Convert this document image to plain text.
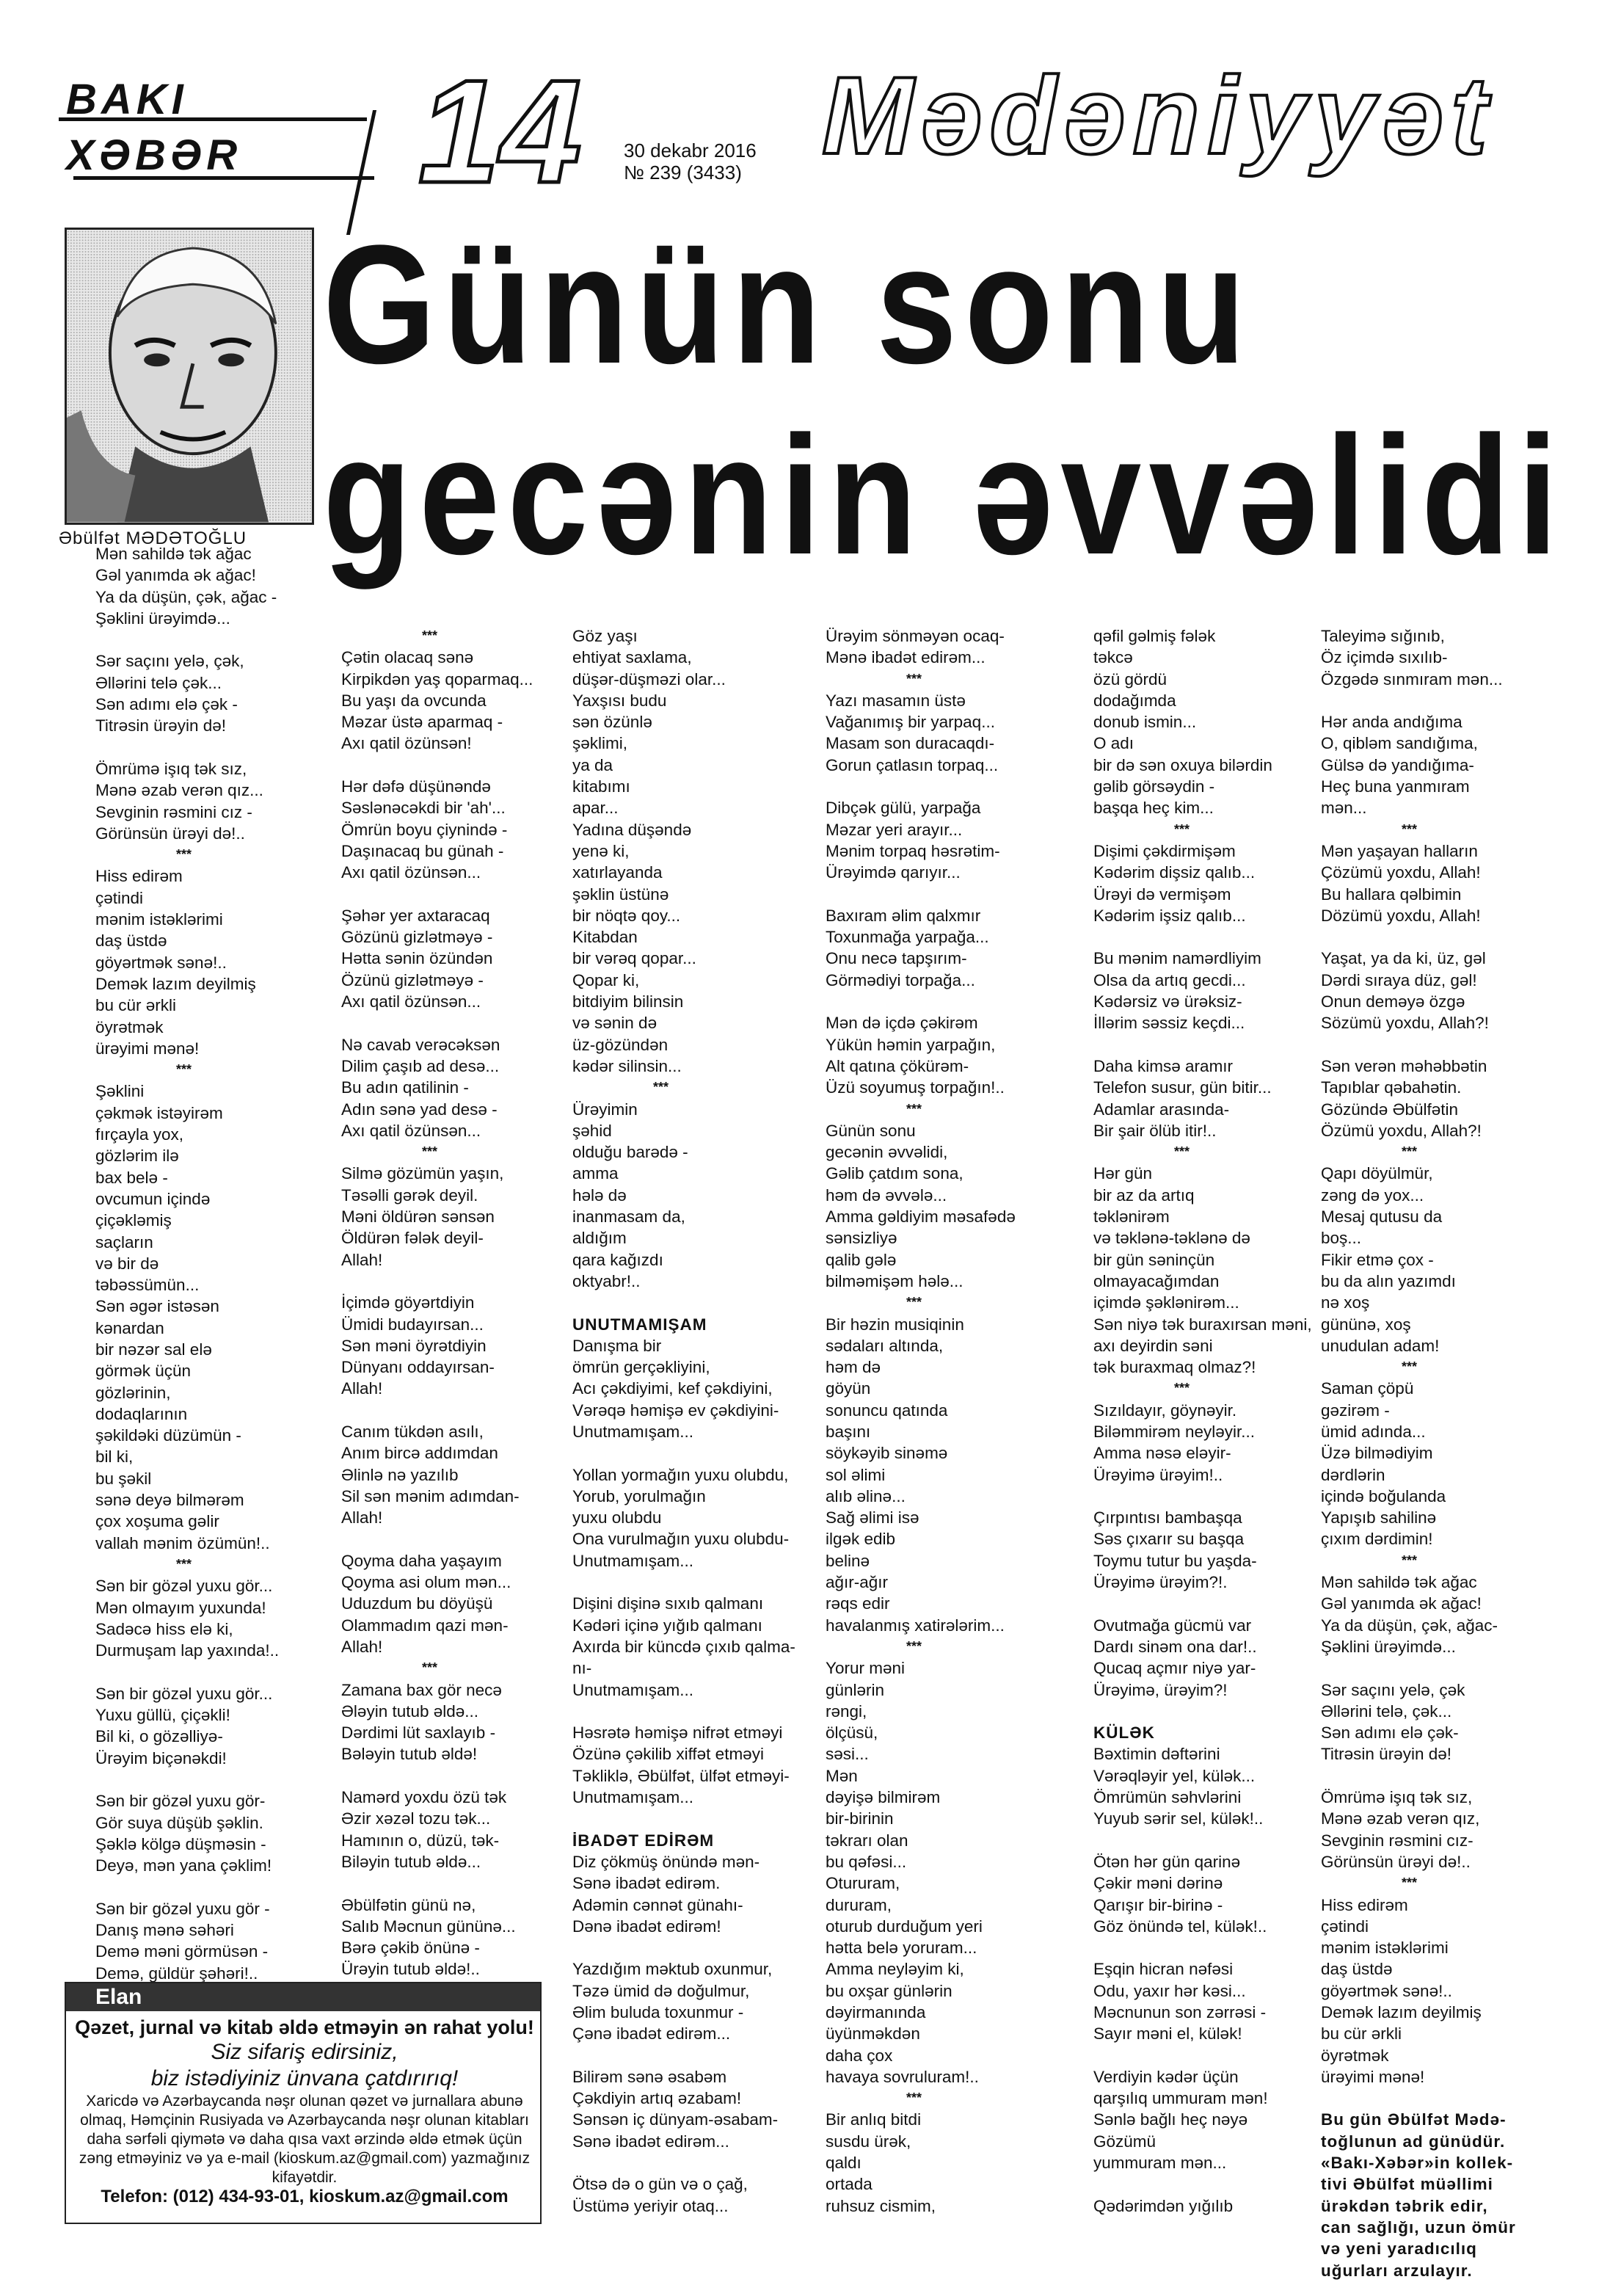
BAKI
XƏBƏR 14 30 dekabr 2016
№ 239 (3433) Mədəniyyət
Əbülfət MƏDƏTOĞLU
Günün sonu
gecənin əvvəlidi
Mən sahildə tək ağac
Gəl yanımda ək ağac!
Ya da düşün, çək, ağac -
Şəklini ürəyimdə...

Sər saçını yelə, çək,
Əllərini telə çək...
Sən adımı elə çək -
Titrəsin ürəyin də!

Ömrümə işıq tək sız,
Mənə əzab verən qız...
Sevginin rəsmini cız -
Görünsün ürəyi də!..
***
Hiss edirəm
çətindi
mənim istəklərimi
daş üstdə
göyərtmək sənə!..
Demək lazım deyilmiş
bu cür ərkli
öyrətmək
ürəyimi mənə!
***
Şəklini
çəkmək istəyirəm
fırçayla yox,
gözlərim ilə
bax belə -
ovcumun içində
çiçəkləmiş
saçların
və bir də
təbəssümün...
Sən əgər istəsən
kənardan
bir nəzər sal elə
görmək üçün
gözlərinin,
dodaqlarının
şəkildəki düzümün -
bil ki,
bu şəkil
sənə deyə bilmərəm
çox xoşuma gəlir
vallah mənim özümün!..
***
Sən bir gözəl yuxu gör...
Mən olmayım yuxunda!
Sadəcə hiss elə ki,
Durmuşam lap yaxında!..

Sən bir gözəl yuxu gör...
Yuxu güllü, çiçəkli!
Bil ki, o gözəlliyə-
Ürəyim biçənəkdi!

Sən bir gözəl yuxu gör-
Gör suya düşüb şəklin.
Şəklə kölgə düşməsin -
Deyə, mən yana çəklim!

Sən bir gözəl yuxu gör -
Danış mənə səhəri
Demə məni görmüsən -
Demə, güldür şəhəri!..
***
Çətin olacaq sənə
Kirpikdən yaş qoparmaq...
Bu yaşı da ovcunda
Məzar üstə aparmaq -
Axı qatil özünsən!

Hər dəfə düşünəndə
Səslənəcəkdi bir 'ah'...
Ömrün boyu çiynində -
Daşınacaq bu günah -
Axı qatil özünsən...

Şəhər yer axtaracaq
Gözünü gizlətməyə -
Hətta sənin özündən
Özünü gizlətməyə -
Axı qatil özünsən...

Nə cavab verəcəksən
Dilim çaşıb ad desə...
Bu adın qatilinin -
Adın sənə yad desə -
Axı qatil özünsən...
***
Silmə gözümün yaşın,
Təsəlli gərək deyil.
Məni öldürən sənsən
Öldürən fələk deyil-
Allah!

İçimdə göyərtdiyin
Ümidi budayırsan...
Sən məni öyrətdiyin
Dünyanı oddayırsan-
Allah!

Canım tükdən asılı,
Anım bircə addımdan
Əlinlə nə yazılıb
Sil sən mənim adımdan-
Allah!

Qoyma daha yaşayım
Qoyma asi olum mən...
Uduzdum bu döyüşü
Olammadım qazi mən-
Allah!
***
Zamana bax gör necə
Ələyin tutub əldə...
Dərdimi lüt saxlayıb -
Bələyin tutub əldə!

Namərd yoxdu özü tək
Əzir xəzəl tozu tək...
Hamının o, düzü, tək-
Biləyin tutub əldə...

Əbülfətin günü nə,
Salıb Məcnun gününə...
Bərə çəkib önünə -
Ürəyin tutub əldə!..
Göz yaşı
ehtiyat saxlama,
düşər-düşməzi olar...
Yaxşısı budu
sən özünlə
şəklimi,
ya da
kitabımı
apar...
Yadına düşəndə
yenə ki,
xatırlayanda
şəklin üstünə
bir nöqtə qoy...
Kitabdan
bir vərəq qopar...
Qopar ki,
bitdiyim bilinsin
və sənin də
üz-gözündən
kədər silinsin...
***
Ürəyimin
şəhid
olduğu barədə -
amma
hələ də
inanmasam da,
aldığım
qara kağızdı
oktyabr!..

UNUTMAMIŞAM
Danışma bir
ömrün gerçəkliyini,
Acı çəkdiyimi, kef çəkdiyini,
Vərəqə həmişə ev çəkdiyini-
Unutmamışam...

Yollan yormağın yuxu olubdu,
Yorub, yorulmağın
yuxu olubdu
Ona vurulmağın yuxu olubdu-
Unutmamışam...

Dişini dişinə sıxıb qalmanı
Kədəri içinə yığıb qalmanı
Axırda bir küncdə çıxıb qalma-
nı-
Unutmamışam...

Həsrətə həmişə nifrət etməyi
Özünə çəkilib xiffət etməyi
Təkliklə, Əbülfət, ülfət etməyi-
Unutmamışam...

İBADƏT EDİRƏM
Diz çökmüş önündə mən-
Sənə ibadət edirəm.
Adəmin cənnət günahı-
Dənə ibadət edirəm!

Yazdığım məktub oxunmur,
Təzə ümid də doğulmur,
Əlim buluda toxunmur -
Çənə ibadət edirəm...

Bilirəm sənə əsabəm
Çəkdiyin artıq əzabam!
Sənsən iç dünyam-əsabam-
Sənə ibadət edirəm...

Ötsə də o gün və o çağ,
Üstümə yeriyir otaq...
Ürəyim sönməyən ocaq-
Mənə ibadət edirəm...
***
Yazı masamın üstə
Vağanımış bir yarpaq...
Masam son duracaqdı-
Gorun çatlasın torpaq...

Dibçək gülü, yarpağa
Məzar yeri arayır...
Mənim torpaq həsrətim-
Ürəyimdə qarıyır...

Baxıram əlim qalxmır
Toxunmağa yarpağa...
Onu necə tapşırım-
Görmədiyi torpağa...

Mən də içdə çəkirəm
Yükün həmin yarpağın,
Alt qatına çökürəm-
Üzü soyumuş torpağın!..
***
Günün sonu
gecənin əvvəlidi,
Gəlib çatdım sona,
həm də əvvələ...
Amma gəldiyim məsafədə
sənsizliyə
qalib gələ
bilməmişəm hələ...
***
Bir həzin musiqinin
sədaları altında,
həm də
göyün
sonuncu qatında
başını
söykəyib sinəmə
sol əlimi
alıb əlinə...
Sağ əlimi isə
ilgək edib
belinə
ağır-ağır
rəqs edir
havalanmış xatirələrim...
***
Yorur məni
günlərin
rəngi,
ölçüsü,
səsi...
Mən
dəyişə bilmirəm
bir-birinin
təkrarı olan
bu qəfəsi...
Otururam,
dururam,
oturub durduğum yeri
hətta belə yoruram...
Amma neyləyim ki,
bu oxşar günlərin
dəyirmanında
üyünməkdən
daha çox
havaya sovruluram!..
***
Bir anlıq bitdi
susdu ürək,
qaldı
ortada
ruhsuz cismim,
qəfil gəlmiş fələk
təkcə
özü gördü
dodağımda
donub ismin...
O adı
bir də sən oxuya bilərdin
gəlib görsəydin -
başqa heç kim...
***
Dişimi çəkdirmişəm
Kədərim dişsiz qalıb...
Ürəyi də vermişəm
Kədərim işsiz qalıb...

Bu mənim namərdliyim
Olsa da artıq gecdi...
Kədərsiz və ürəksiz-
İllərim səssiz keçdi...

Daha kimsə aramır
Telefon susur, gün bitir...
Adamlar arasında-
Bir şair ölüb itir!..
***
Hər gün
bir az da artıq
təklənirəm
və təklənə-təklənə də
bir gün səninçün
olmayacağımdan
içimdə şəklənirəm...
Sən niyə tək buraxırsan məni,
axı deyirdin səni
tək buraxmaq olmaz?!
***
Sızıldayır, göynəyir.
Biləmmirəm neyləyir...
Amma nəsə eləyir-
Ürəyimə ürəyim!..

Çırpıntısı bambaşqa
Səs çıxarır su başqa
Toymu tutur bu yaşda-
Ürəyimə ürəyim?!.

Ovutmağa gücmü var
Dardı sinəm ona dar!..
Qucaq açmır niyə yar-
Ürəyimə, ürəyim?!

KÜLƏK
Bəxtimin dəftərini
Vərəqləyir yel, külək...
Ömrümün səhvlərini
Yuyub sərir sel, külək!..

Ötən hər gün qarinə
Çəkir məni dərinə
Qarışır bir-birinə -
Göz önündə tel, külək!..

Eşqin hicran nəfəsi
Odu, yaxır hər kəsi...
Məcnunun son zərrəsi -
Sayır məni el, külək!

Verdiyin kədər üçün
qarşılıq ummuram mən!
Sənlə bağlı heç nəyə
Gözümü
yummuram mən...

Qədərimdən yığılıb
Taleyimə sığınıb,
Öz içimdə sıxılıb-
Özgədə sınmıram mən...

Hər anda andığıma
O, qibləm sandığıma,
Gülsə də yandığıma-
Heç buna yanmıram
mən...
***
Mən yaşayan halların
Çözümü yoxdu, Allah!
Bu hallara qəlbimin
Dözümü yoxdu, Allah!

Yaşat, ya da ki, üz, gəl
Dərdi sıraya düz, gəl!
Onun deməyə özgə
Sözümü yoxdu, Allah?!

Sən verən məhəbbətin
Tapıblar qəbahətin.
Gözündə Əbülfətin
Özümü yoxdu, Allah?!
***
Qapı döyülmür,
zəng də yox...
Mesaj qutusu da
boş...
Fikir etmə çox -
bu da alın yazımdı
nə xoş
gününə, xoş
unudulan adam!
***
Saman çöpü
gəzirəm -
ümid adında...
Üzə bilmədiyim
dərdlərin
içində boğulanda
Yapışıb sahilinə
çıxım dərdimin!
***
Mən sahildə tək ağac
Gəl yanımda ək ağac!
Ya da düşün, çək, ağac-
Şəklini ürəyimdə...

Sər saçını yelə, çək
Əllərini telə, çək...
Sən adımı elə çək-
Titrəsin ürəyin də!

Ömrümə işıq tək sız,
Mənə əzab verən qız,
Sevginin rəsmini cız-
Görünsün ürəyi də!..
***
Hiss edirəm
çətindi
mənim istəklərimi
daş üstdə
göyərtmək sənə!..
Demək lazım deyilmiş
bu cür ərkli
öyrətmək
ürəyimi mənə!

Bu gün Əbülfət Mədə-
toğlunun ad günüdür.
«Bakı-Xəbər»in kollek-
tivi Əbülfət müəllimi
ürəkdən təbrik edir,
can sağlığı, uzun ömür
və yeni yaradıcılıq
uğurları arzulayır.
Elan
Qəzet, jurnal və kitab əldə etməyin ən rahat yolu!
Siz sifariş edirsiniz,
biz istədiyiniz ünvana çatdırırıq!
Xaricdə və Azərbaycanda nəşr olunan qəzet və jurnallara abunə olmaq, Həmçinin Rusiyada və Azərbaycanda nəşr olunan kitabları daha sərfəli qiymətə və daha qısa vaxt ərzində əldə etmək üçün zəng etməyiniz və ya e-mail (kioskum.az@gmail.com) yazmağınız kifayətdir.
Telefon: (012) 434-93-01, kioskum.az@gmail.com
